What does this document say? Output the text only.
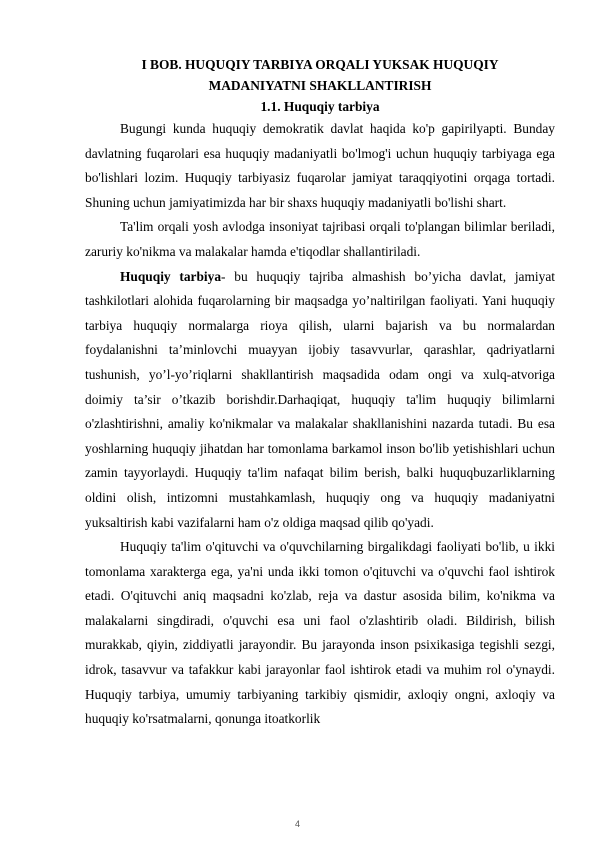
I BOB. HUQUQIY TARBIYA ORQALI YUKSAK HUQUQIY

MADANIYATNI SHAKLLANTIRISH

1.1. Huquqiy tarbiya

Bugungi kunda huquqiy demokratik davlat haqida ko'p gapirilyapti. Bunday davlatning fuqarolari esa huquqiy madaniyatli bo'lmog'i uchun huquqiy tarbiyaga ega bo'lishlari lozim. Huquqiy tarbiyasiz fuqarolar jamiyat taraqqiyotini orqaga tortadi. Shuning uchun jamiyatimizda har bir shaxs huquqiy madaniyatli bo'lishi shart.

Ta'lim orqali yosh avlodga insoniyat tajribasi orqali to'plangan bilimlar beriladi, zaruriy ko'nikma va malakalar hamda e'tiqodlar shallantiriladi.

Huquqiy tarbiya- bu huquqiy tajriba almashish bo’yicha davlat, jamiyat tashkilotlari alohida fuqarolarning bir maqsadga yo’naltirilgan faoliyati. Yani huquqiy tarbiya huquqiy normalarga rioya qilish, ularni bajarish va bu normalardan foydalanishni ta’minlovchi muayyan ijobiy tasavvurlar, qarashlar, qadriyatlarni tushunish, yo’l-yo’riqlarni shakllantirish maqsadida odam ongi va xulq-atvoriga doimiy ta’sir o’tkazib borishdir.Darhaqiqat, huquqiy ta'lim huquqiy bilimlarni o'zlashtirishni, amaliy ko'nikmalar va malakalar shakllanishini nazarda tutadi. Bu esa yoshlarning huquqiy jihatdan har tomonlama barkamol inson bo'lib yetishishlari uchun zamin tayyorlaydi. Huquqiy ta'lim nafaqat bilim berish, balki huquqbuzarliklarning oldini olish, intizomni mustahkamlash, huquqiy ong va huquqiy madaniyatni yuksaltirish kabi vazifalarni ham o'z oldiga maqsad qilib qo'yadi.

Huquqiy ta'lim o'qituvchi va o'quvchilarning birgalikdagi faoliyati bo'lib, u ikki tomonlama xarakterga ega, ya'ni unda ikki tomon o'qituvchi va o'quvchi faol ishtirok etadi. O'qituvchi aniq maqsadni ko'zlab, reja va dastur asosida bilim, ko'nikma va malakalarni singdiradi, o'quvchi esa uni faol o'zlashtirib oladi. Bildirish, bilish murakkab, qiyin, ziddiyatli jarayondir. Bu jarayonda inson psixikasiga tegishli sezgi, idrok, tasavvur va tafakkur kabi jarayonlar faol ishtirok etadi va muhim rol o'ynaydi. Huquqiy tarbiya, umumiy tarbiyaning tarkibiy qismidir, axloqiy ongni, axloqiy va huquqiy ko'rsatmalarni, qonunga itoatkorlik

4
